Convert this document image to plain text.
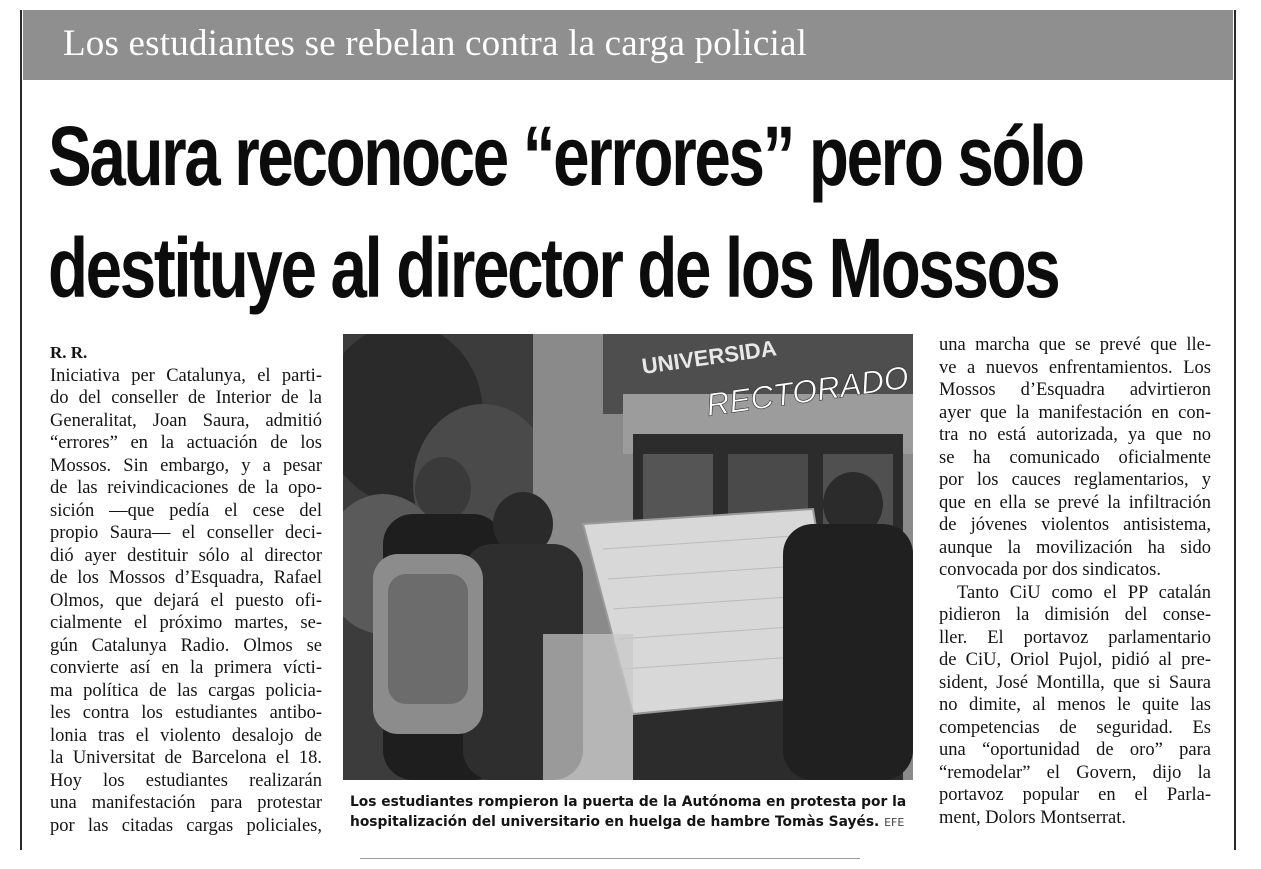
Los estudiantes se rebelan contra la carga policial
Saura reconoce “errores” pero sólo
destituye al director de los Mossos
R. R.
Iniciativa per Catalunya, el parti-
do del conseller de Interior de la
Generalitat, Joan Saura, admitió
“errores” en la actuación de los
Mossos. Sin embargo, y a pesar
de las reivindicaciones de la opo-
sición —que pedía el cese del
propio Saura— el conseller deci-
dió ayer destituir sólo al director
de los Mossos d’Esquadra, Rafael
Olmos, que dejará el puesto ofi-
cialmente el próximo martes, se-
gún Catalunya Radio. Olmos se
convierte así en la primera vícti-
ma política de las cargas policia-
les contra los estudiantes antibo-
lonia tras el violento desalojo de
la Universitat de Barcelona el 18.
Hoy los estudiantes realizarán
una manifestación para protestar
por las citadas cargas policiales,
UNIVERSIDA
RECTORADO
Los estudiantes rompieron la puerta de la Autónoma en protesta por la
hospitalización del universitario en huelga de hambre Tomàs Sayés. EFE
una marcha que se prevé que lle-
ve a nuevos enfrentamientos. Los
Mossos d’Esquadra advirtieron
ayer que la manifestación en con-
tra no está autorizada, ya que no
se ha comunicado oficialmente
por los cauces reglamentarios, y
que en ella se prevé la infiltración
de jóvenes violentos antisistema,
aunque la movilización ha sido
convocada por dos sindicatos.
Tanto CiU como el PP catalán
pidieron la dimisión del conse-
ller. El portavoz parlamentario
de CiU, Oriol Pujol, pidió al pre-
sident, José Montilla, que si Saura
no dimite, al menos le quite las
competencias de seguridad. Es
una “oportunidad de oro” para
“remodelar” el Govern, dijo la
portavoz popular en el Parla-
ment, Dolors Montserrat.
